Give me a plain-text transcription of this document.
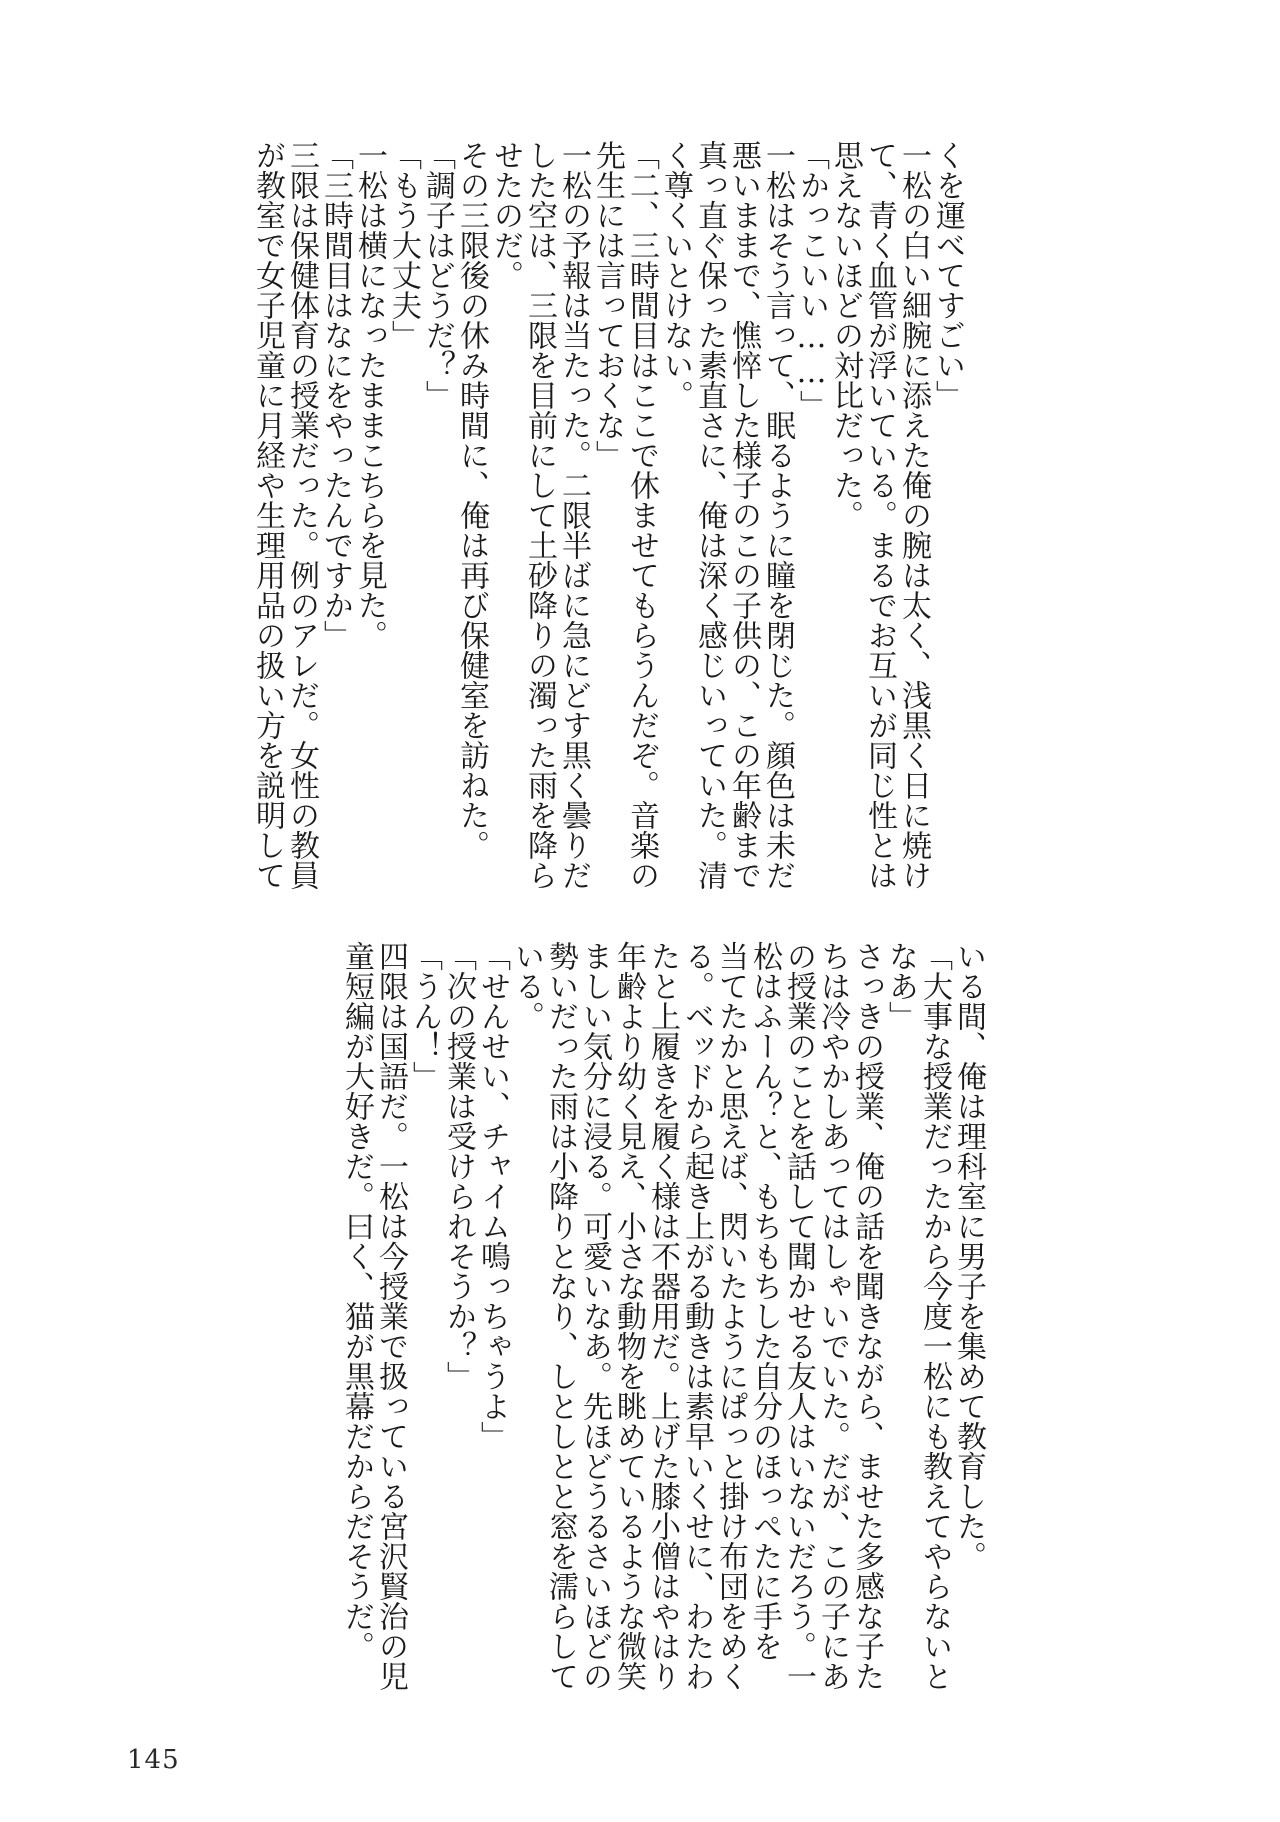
くを運べてすごい」
一松の白い細腕に添えた俺の腕は太く、浅黒く日に焼け
て、青く血管が浮いている。まるでお互いが同じ性とは
思えないほどの対比だった。
「かっこいい……」
一松はそう言って、眠るように瞳を閉じた。顔色は未だ
悪いままで、憔悴した様子のこの子供の、この年齢まで
真っ直ぐ保った素直さに、俺は深く感じいっていた。清
く尊くいとけない。
「二、三時間目はここで休ませてもらうんだぞ。音楽の
先生には言っておくな」
一松の予報は当たった。二限半ばに急にどす黒く曇りだ
した空は、三限を目前にして土砂降りの濁った雨を降ら
せたのだ。
その三限後の休み時間に、俺は再び保健室を訪ねた。
「調子はどうだ？」
「もう大丈夫」
一松は横になったままこちらを見た。
「三時間目はなにをやったんですか」
三限は保健体育の授業だった。例のアレだ。女性の教員
が教室で女子児童に月経や生理用品の扱い方を説明して
いる間、俺は理科室に男子を集めて教育した。
「大事な授業だったから今度一松にも教えてやらないと
なあ」
さっきの授業、俺の話を聞きながら、ませた多感な子た
ちは冷やかしあってはしゃいでいた。だが、この子にあ
の授業のことを話して聞かせる友人はいないだろう。一
松はふーん？と、もちもちした自分のほっぺたに手を
当てたかと思えば、閃いたようにぱっと掛け布団をめく
る。ベッドから起き上がる動きは素早いくせに、わたわ
たと上履きを履く様は不器用だ。上げた膝小僧はやはり
年齢より幼く見え、小さな動物を眺めているような微笑
ましい気分に浸る。可愛いなあ。先ほどうるさいほどの
勢いだった雨は小降りとなり、しとしとと窓を濡らして
いる。
「せんせい、チャイム鳴っちゃうよ」
「次の授業は受けられそうか？」
「うん！」
四限は国語だ。一松は今授業で扱っている宮沢賢治の児
童短編が大好きだ。曰く、猫が黒幕だからだそうだ。
145
